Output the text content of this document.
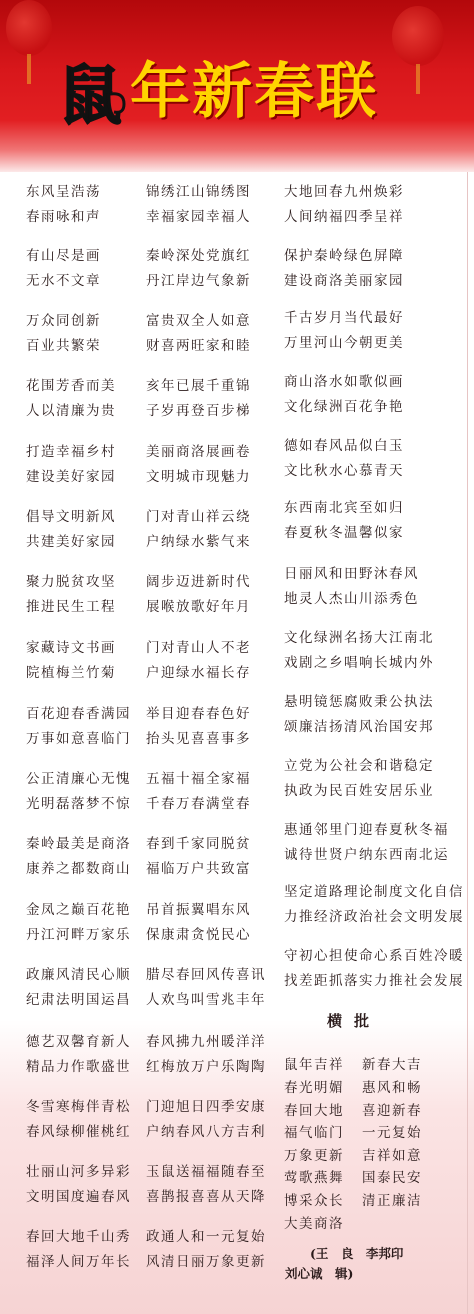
鼠 年新春联
东风呈浩荡
春雨咏和声
有山尽是画
无水不文章
万众同创新
百业共繁荣
花围芳香而美
人以清廉为贵
打造幸福乡村
建设美好家园
倡导文明新风
共建美好家园
聚力脱贫攻坚
推进民生工程
家藏诗文书画
院植梅兰竹菊
百花迎春香满园
万事如意喜临门
公正清廉心无愧
光明磊落梦不惊
秦岭最美是商洛
康养之都数商山
金凤之巅百花艳
丹江河畔万家乐
政廉风清民心顺
纪肃法明国运昌
德艺双馨育新人
精品力作歌盛世
冬雪寒梅伴青松
春风绿柳催桃红
壮丽山河多异彩
文明国度遍春风
春回大地千山秀
福泽人间万年长
锦绣江山锦绣图
幸福家园幸福人
秦岭深处党旗红
丹江岸边气象新
富贵双全人如意
财喜两旺家和睦
亥年已展千重锦
子岁再登百步梯
美丽商洛展画卷
文明城市现魅力
门对青山祥云绕
户纳绿水紫气来
阔步迈进新时代
展喉放歌好年月
门对青山人不老
户迎绿水福长存
举目迎春春色好
抬头见喜喜事多
五福十福全家福
千春万春满堂春
春到千家同脱贫
福临万户共致富
吊首振翼唱东风
保康肃贪悦民心
腊尽春回风传喜讯
人欢鸟叫雪兆丰年
春风拂九州暖洋洋
红梅放万户乐陶陶
门迎旭日四季安康
户纳春风八方吉利
玉鼠送福福随春至
喜鹊报喜喜从天降
政通人和一元复始
风清日丽万象更新
大地回春九州焕彩
人间纳福四季呈祥
保护秦岭绿色屏障
建设商洛美丽家园
千古岁月当代最好
万里河山今朝更美
商山洛水如歌似画
文化绿洲百花争艳
德如春风品似白玉
文比秋水心慕青天
东西南北宾至如归
春夏秋冬温馨似家
日丽风和田野沐春风
地灵人杰山川添秀色
文化绿洲名扬大江南北
戏剧之乡唱响长城内外
悬明镜惩腐败秉公执法
颂廉洁扬清风治国安邦
立党为公社会和谐稳定
执政为民百姓安居乐业
惠通邻里门迎春夏秋冬福
诚待世贤户纳东西南北运
坚定道路理论制度文化自信
力推经济政治社会文明发展
守初心担使命心系百姓冷暖
找差距抓落实力推社会发展
鼠年吉祥
春光明媚
春回大地
福气临门
万象更新
莺歌燕舞
博采众长
大美商洛
新春大吉
惠风和畅
喜迎新春
一元复始
吉祥如意
国泰民安
清正廉洁
横批
(王　良　李邦印
刘心诚　辑)
